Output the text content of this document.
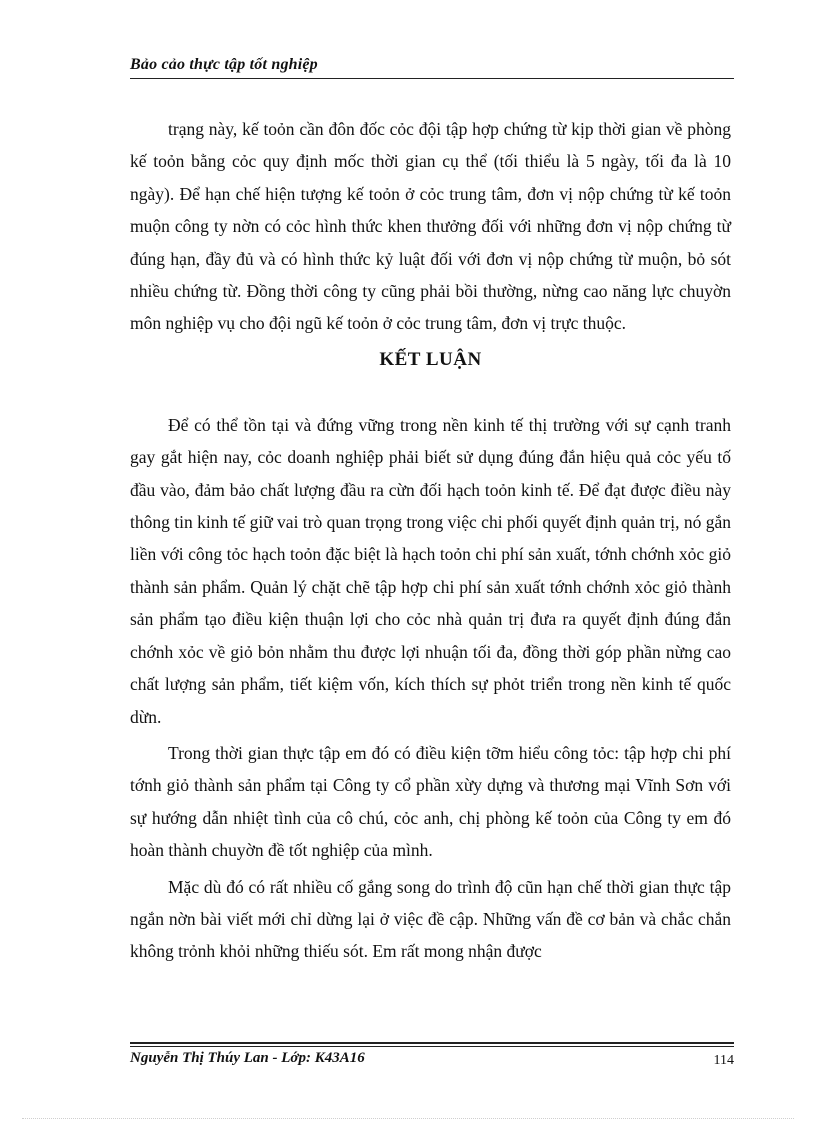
Bảo cảo thực tập tốt nghiệp

trạng này, kế toỏn cần đôn đốc cỏc đội tập hợp chứng từ kịp thời gian về phòng kế toỏn bằng cỏc quy định mốc thời gian cụ thể (tối thiểu là 5 ngày, tối đa là 10 ngày). Để hạn chế hiện tượng kế toỏn ở cỏc trung tâm, đơn vị nộp chứng từ kế toỏn muộn công ty nờn có cỏc hình thức khen thưởng đối với những đơn vị nộp chứng từ đúng hạn, đầy đủ và có hình thức kỷ luật đối với đơn vị nộp chứng từ muộn, bỏ sót nhiều chứng từ. Đồng thời công ty cũng phải bồi thường, nừng cao năng lực chuyờn môn nghiệp vụ cho đội ngũ kế toỏn ở cỏc trung tâm, đơn vị trực thuộc.

KẾT LUẬN

Để có thể tồn tại và đứng vững trong nền kinh tế thị trường với sự cạnh tranh gay gắt hiện nay, cỏc doanh nghiệp phải biết sử dụng đúng đắn hiệu quả cỏc yếu tố đầu vào, đảm bảo chất lượng đầu ra cừn đối hạch toỏn kinh tế. Để đạt được điều này thông tin kinh tế giữ vai trò quan trọng trong việc chi phối quyết định quản trị, nó gắn liền với công tỏc hạch toỏn đặc biệt là hạch toỏn chi phí sản xuất, tớnh chớnh xỏc giỏ thành sản phẩm. Quản lý chặt chẽ tập hợp chi phí sản xuất tớnh chớnh xỏc giỏ thành sản phẩm tạo điều kiện thuận lợi cho cỏc nhà quản trị đưa ra quyết định đúng đắn chớnh xỏc về giỏ bỏn nhằm thu được lợi nhuận tối đa, đồng thời góp phần nừng cao chất lượng sản phẩm, tiết kiệm vốn, kích thích sự phỏt triển trong nền kinh tế quốc dừn.

Trong thời gian thực tập em đó có điều kiện tỡm hiểu công tỏc: tập hợp chi phí tớnh giỏ thành sản phẩm tại Công ty cổ phần xừy dựng và thương mại Vĩnh Sơn với sự hướng dẫn nhiệt tình của cô chú, cỏc anh, chị phòng kế toỏn của Công ty em đó hoàn thành chuyờn đề tốt nghiệp của mình.

Mặc dù đó có rất nhiều cố gắng song do trình độ cũn hạn chế thời gian thực tập ngắn nờn bài viết mới chỉ dừng lại ở việc đề cập. Những vấn đề cơ bản và chắc chắn không trỏnh khỏi những thiếu sót. Em rất mong nhận được

Nguyễn Thị Thúy Lan - Lớp: K43A16	114
